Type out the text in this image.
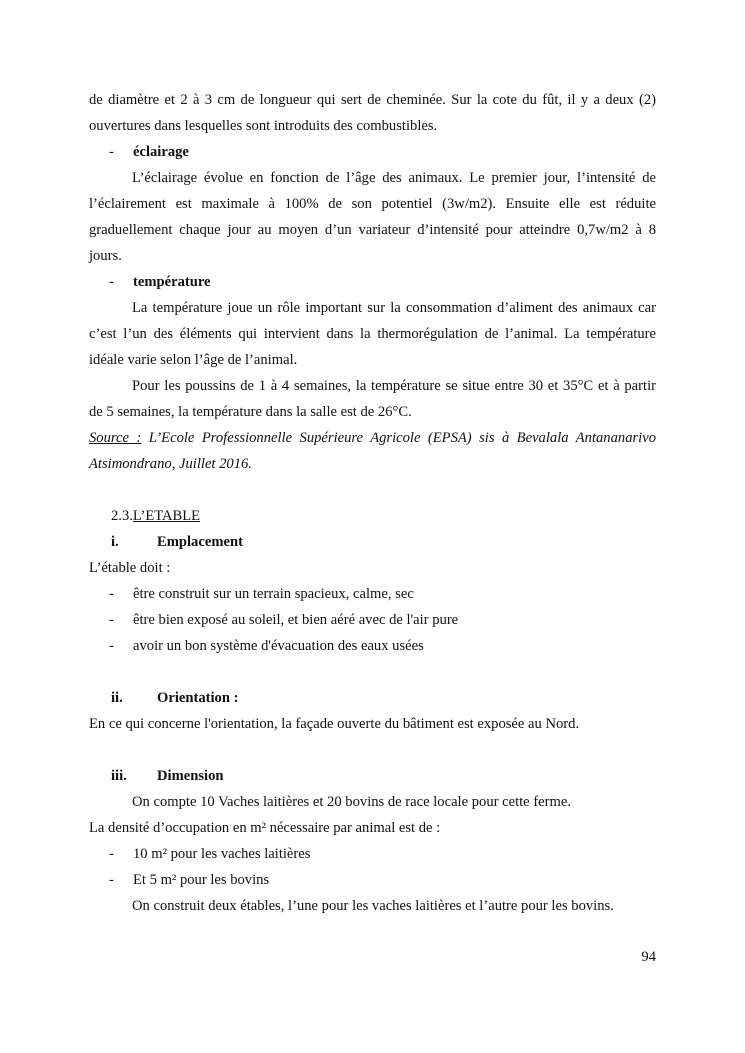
de diamètre et 2 à 3 cm de longueur qui sert de cheminée. Sur la cote du fût, il y a deux (2)
ouvertures dans lesquelles sont introduits des combustibles.
-	éclairage
L’éclairage évolue en fonction de l’âge des animaux. Le premier jour, l’intensité de
l’éclairement est maximale à 100% de son potentiel (3w/m2). Ensuite elle est réduite
graduellement chaque jour au moyen d’un variateur d’intensité pour atteindre 0,7w/m2 à 8
jours.
-	température
La température joue un rôle important sur la consommation d’aliment des animaux car
c’est l’un des éléments qui intervient dans la thermorégulation de l’animal. La température
idéale varie selon l’âge de l’animal.
Pour les poussins de 1 à 4 semaines, la température se situe entre 30 et 35°C et à partir
de 5 semaines, la température dans la salle est de 26°C.
Source : L’Ecole Professionnelle Supérieure Agricole (EPSA) sis à Bevalala Antananarivo
Atsimondrano, Juillet 2016.
2.3. L’ETABLE
i.	Emplacement
L’étable doit :
-	être construit sur un terrain spacieux, calme, sec
-	être bien exposé au soleil, et bien aéré avec de l'air pure
-	avoir un bon système d'évacuation des eaux usées
ii.	Orientation :
En ce qui concerne l'orientation, la façade ouverte du bâtiment est exposée au Nord.
iii.	Dimension
On compte 10 Vaches laitières et 20 bovins de race locale pour cette ferme.
La densité d’occupation en m² nécessaire par animal est de :
-	10 m² pour les vaches laitières
-	Et 5 m² pour les bovins
On construit deux étables, l’une pour les vaches laitières et l’autre pour les bovins.
94
